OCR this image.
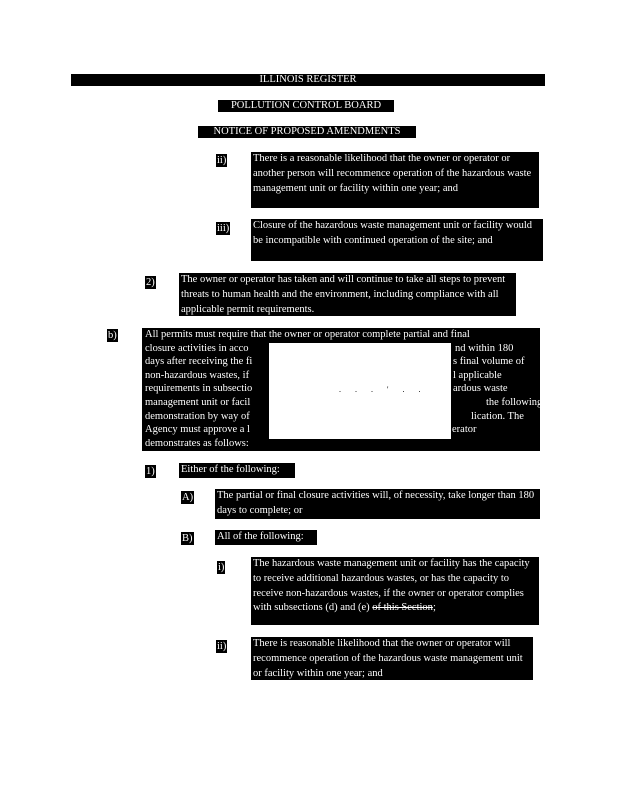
ILLINOIS REGISTER
POLLUTION CONTROL BOARD
NOTICE OF PROPOSED AMENDMENTS
ii)	There is a reasonable likelihood that the owner or operator or another person will recommence operation of the hazardous waste management unit or facility within one year; and
iii) Closure of the hazardous waste management unit or facility would be incompatible with continued operation of the site; and
2)	The owner or operator has taken and will continue to take all steps to prevent threats to human health and the environment, including compliance with all applicable permit requirements.
b)	All permits must require that the owner or operator complete partial and final
closure activities in acco	nd within 180
days after receiving the fi	s final volume of
non-hazardous wastes, if	l applicable
requirements in subsectio	ardous waste
management unit or facil	the following
demonstration by way of	lication. The
Agency must approve a l	erator
demonstrates as follows:
. . . ' . .
1)	Either of the following:
A) The partial or final closure activities will, of necessity, take longer than 180 days to complete; or
B) All of the following:
i)	The hazardous waste management unit or facility has the capacity to receive additional hazardous wastes, or has the capacity to receive non-hazardous wastes, if the owner or operator complies with subsections (d) and (e) of this Section;
ii)	There is reasonable likelihood that the owner or operator will recommence operation of the hazardous waste management unit or facility within one year; and
